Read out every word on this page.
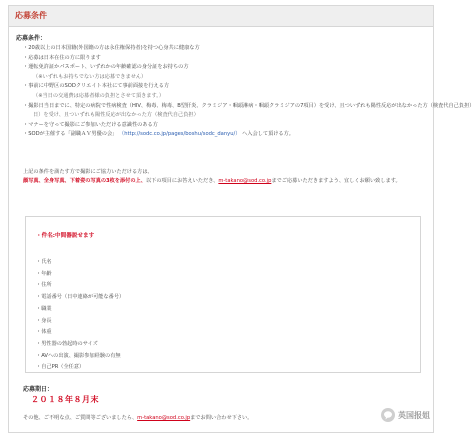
応募条件
応募条件：
・20歳以上の日本国籍(外国籍の方は永住権保持者)を持つ心身共に健康な方
・応募は日本在住の方に限ります
・運転免許証かパスポート、いずれかの年齢確認の身分証をお持ちの方
（※いずれもお持ちでない方は応募できません）
・事前に中野区のSODクリエイト本社にて事前面接を行える方
（※当日の交通費は応募者様の負担とさせて頂きます。）
・撮影日当日までに、特定の病院で性病検査（HIV、梅毒、梅毒、B型肝炎、クラミジア・咽頭淋病・咽頭クラミジアの7項目）を受け、且ついずれも陽性反応が出なかった方（検査代自己負担）
日）を受け、且ついずれも陽性反応が出なかった方（検査代自己負担）
・マナーを守って撮影にご参加いただける意識性のある方
・SODが主催する「副職ＡＶ男優の会」 （http://sodc.co.jp/pages/boshu/sodc_danyu/） へ入会して頂ける方。
上記の条件を満たす方で撮影にご協力いただける方は、
顔写真、全身写真、下着姿の写真の3枚を添付の上、以下の項目にお答えいただき、m-takano@sod.co.jpまでご応募いただきますよう、宜しくお願い致します。
・件名:中間器説せます
・氏名
・年齢
・住所
・電話番号（日中連絡が可能な番号）
・職業
・身長
・体重
・男性器の勃起時のサイズ
・AVへの出演、撮影参加経験の有無
・自己PR（全任意）
応募期日：
２０１８年８月末
その他、ご不明な点、ご質問等ございましたら、m-takano@sod.co.jpまでお問い合わせ下さい。	英国报姐
